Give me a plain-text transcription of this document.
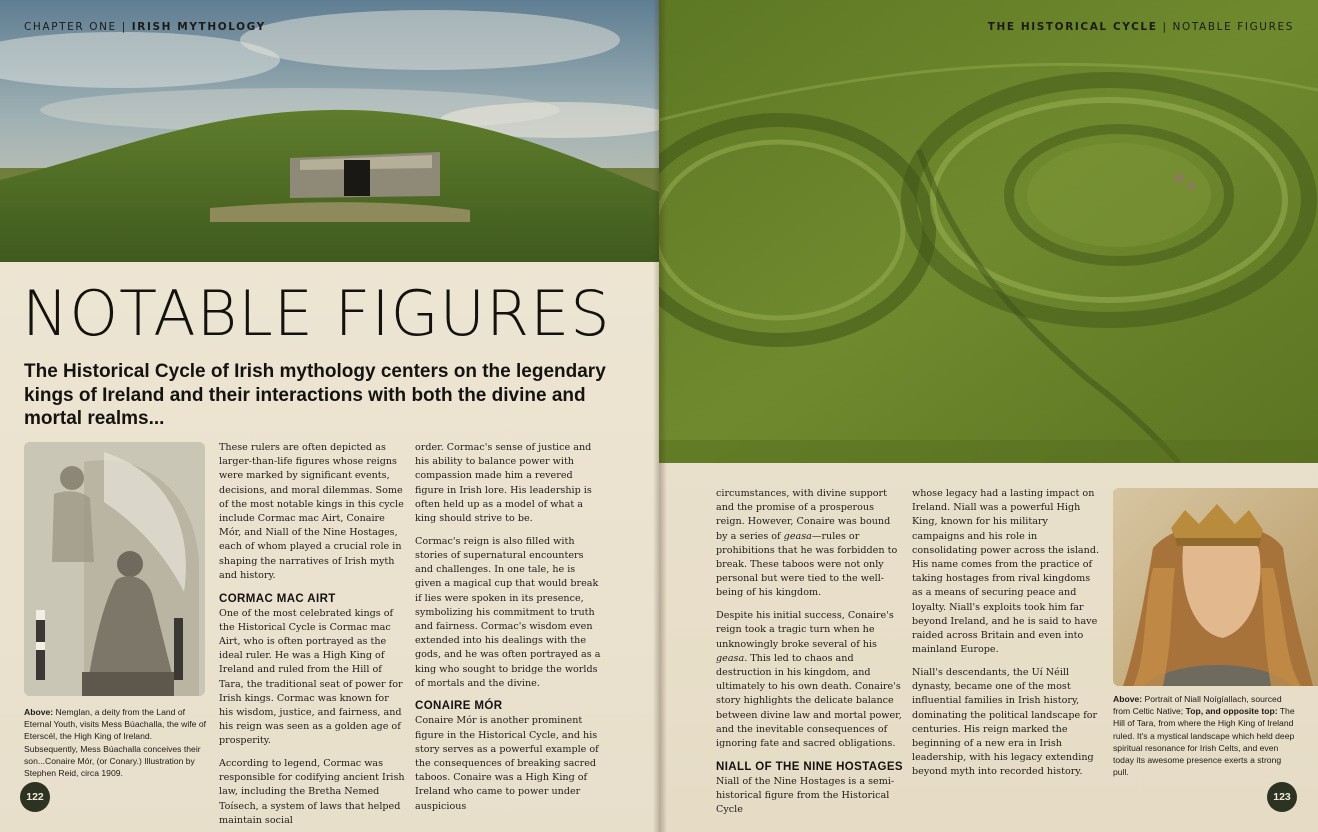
CHAPTER ONE | IRISH MYTHOLOGY
NOTABLE FIGURES
The Historical Cycle of Irish mythology centers on the legendary kings of Ireland and their interactions with both the divine and mortal realms...
Above: Nemglan, a deity from the Land of Eternal Youth, visits Mess Búachalla, the wife of Eterscél, the High King of Ireland. Subsequently, Mess Búachalla conceives their son...Conaire Mór, (or Conary.) Illustration by Stephen Reid, circa 1909.

These rulers are often depicted as larger-than-life figures whose reigns were marked by significant events, decisions, and moral dilemmas. Some of the most notable kings in this cycle include Cormac mac Airt, Conaire Mór, and Niall of the Nine Hostages, each of whom played a crucial role in shaping the narratives of Irish myth and history.

CORMAC MAC AIRT

One of the most celebrated kings of the Historical Cycle is Cormac mac Airt, who is often portrayed as the ideal ruler. He was a High King of Ireland and ruled from the Hill of Tara, the traditional seat of power for Irish kings. Cormac was known for his wisdom, justice, and fairness, and his reign was seen as a golden age of prosperity.

According to legend, Cormac was responsible for codifying ancient Irish law, including the Bretha Nemed Toísech, a system of laws that helped maintain social

order. Cormac's sense of justice and his ability to balance power with compassion made him a revered figure in Irish lore. His leadership is often held up as a model of what a king should strive to be.

Cormac's reign is also filled with stories of supernatural encounters and challenges. In one tale, he is given a magical cup that would break if lies were spoken in its presence, symbolizing his commitment to truth and fairness. Cormac's wisdom even extended into his dealings with the gods, and he was often portrayed as a king who sought to bridge the worlds of mortals and the divine.

CONAIRE MÓR

Conaire Mór is another prominent figure in the Historical Cycle, and his story serves as a powerful example of the consequences of breaking sacred taboos. Conaire was a High King of Ireland who came to power under auspicious

122
THE HISTORICAL CYCLE | NOTABLE FIGURES
123

circumstances, with divine support and the promise of a prosperous reign. However, Conaire was bound by a series of geasa—rules or prohibitions that he was forbidden to break. These taboos were not only personal but were tied to the well-being of his kingdom.

Despite his initial success, Conaire's reign took a tragic turn when he unknowingly broke several of his geasa. This led to chaos and destruction in his kingdom, and ultimately to his own death. Conaire's story highlights the delicate balance between divine law and mortal power, and the inevitable consequences of ignoring fate and sacred obligations.

NIALL OF THE NINE HOSTAGES

Niall of the Nine Hostages is a semi-historical figure from the Historical Cycle

whose legacy had a lasting impact on Ireland. Niall was a powerful High King, known for his military campaigns and his role in consolidating power across the island. His name comes from the practice of taking hostages from rival kingdoms as a means of securing peace and loyalty. Niall's exploits took him far beyond Ireland, and he is said to have raided across Britain and even into mainland Europe.

Niall's descendants, the Uí Néill dynasty, became one of the most influential families in Irish history, dominating the political landscape for centuries. His reign marked the beginning of a new era in Irish leadership, with his legacy extending beyond myth into recorded history.

Above: Portrait of Niall Noígíallach, sourced from Celtic Native; Top, and opposite top: The Hill of Tara, from where the High King of Ireland ruled. It's a mystical landscape which held deep spiritual resonance for Irish Celts, and even today its awesome presence exerts a strong pull.
